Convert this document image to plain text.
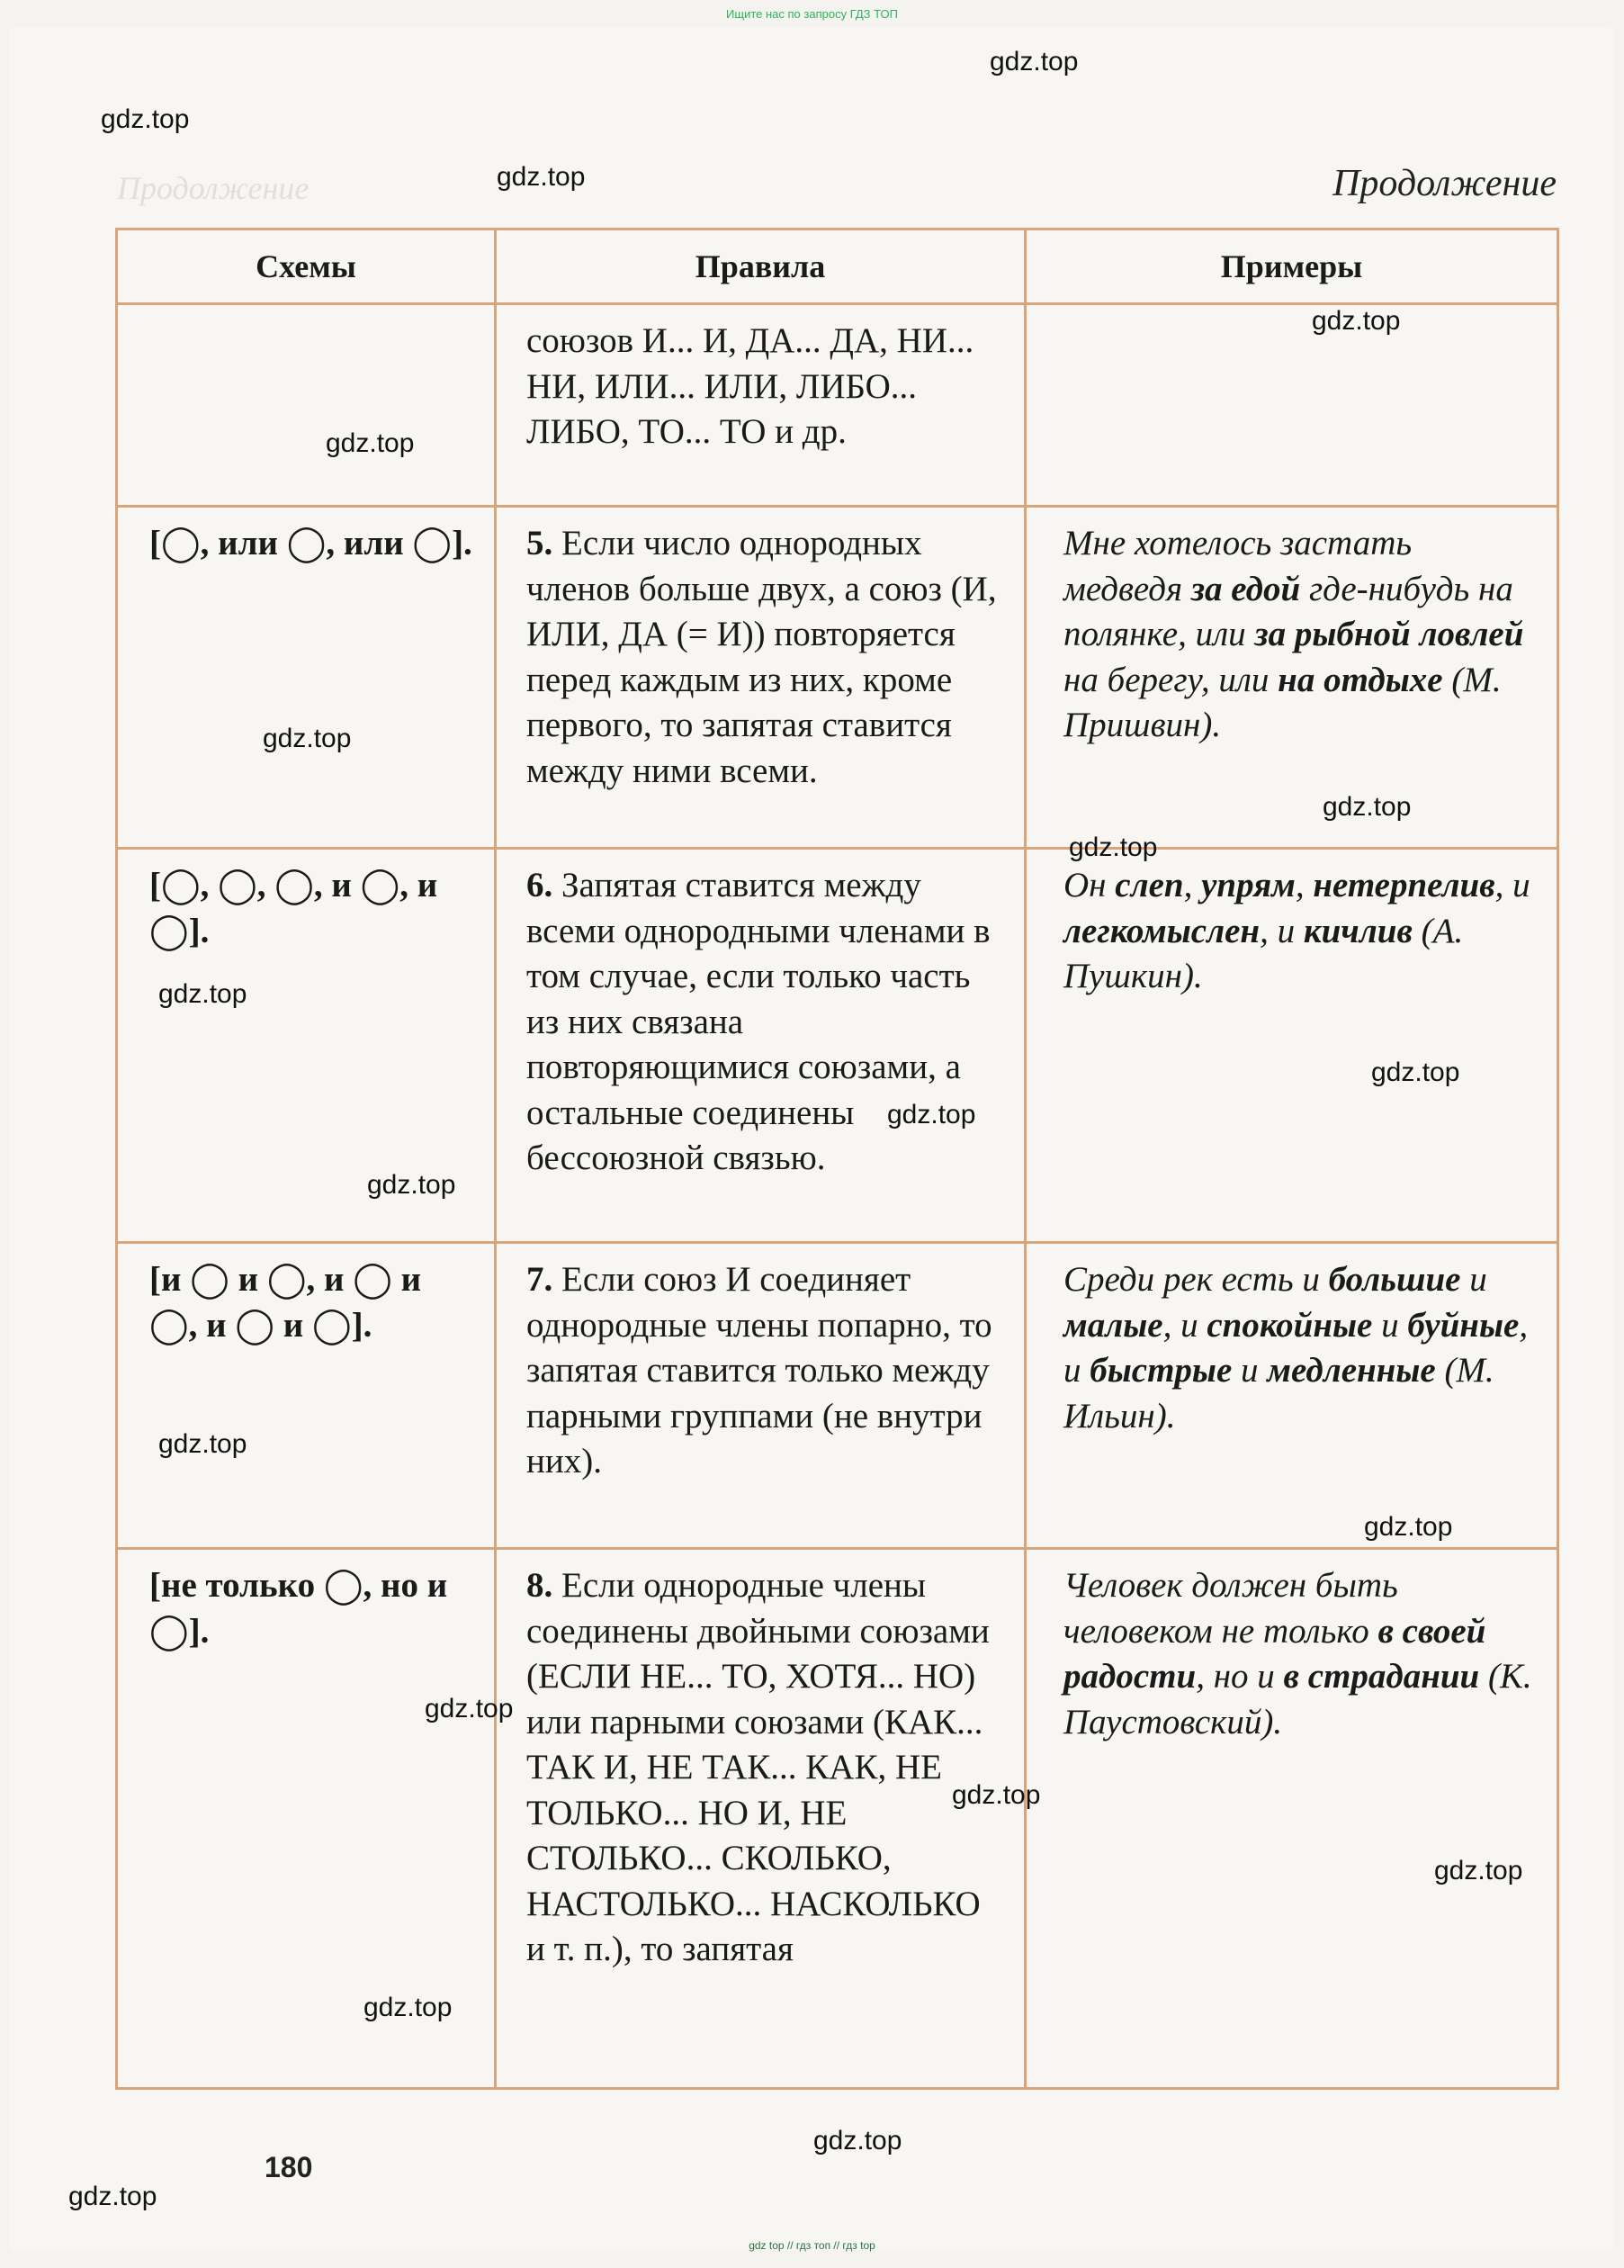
Ищите нас по запросу ГДЗ ТОП
Продолжение	Продолжение
Схемы	Правила	Примеры

	союзов И... И, ДА... ДА, НИ... НИ, ИЛИ... ИЛИ, ЛИБО... ЛИБО, ТО... ТО и др.	

[◯, или ◯, или ◯].	5. Если число однородных членов больше двух, а союз (И, ИЛИ, ДА (= И)) повторяется перед каждым из них, кроме первого, то запятая ставится между ними всеми.	Мне хотелось застать медведя за едой где-нибудь на полянке, или за рыбной ловлей на берегу, или на отдыхе (М. Пришвин).

[◯, ◯, ◯, и ◯, и ◯].	6. Запятая ставится между всеми однородными членами в том случае, если только часть из них связана повторяющимися союзами, а остальные соединены бессоюзной связью.	Он слеп, упрям, нетерпелив, и легкомыслен, и кичлив (А. Пушкин).

[и ◯ и ◯, и ◯ и ◯, и ◯ и ◯].	7. Если союз И соединяет однородные члены попарно, то запятая ставится только между парными группами (не внутри них).	Среди рек есть и большие и малые, и спокойные и буйные, и быстрые и медленные (М. Ильин).

[не только ◯, но и ◯].	8. Если однородные члены соединены двойными союзами (ЕСЛИ НЕ... ТО, ХОТЯ... НО) или парными союзами (КАК... ТАК И, НЕ ТАК... КАК, НЕ ТОЛЬКО... НО И, НЕ СТОЛЬКО... СКОЛЬКО, НАСТОЛЬКО... НАСКОЛЬКО и т. п.), то запятая	Человек должен быть человеком не только в своей радости, но и в страдании (К. Паустовский).
180
gdz.top
gdz.top
gdz.top
gdz.top
gdz.top
gdz.top
gdz.top
gdz.top
gdz.top
gdz.top
gdz.top
gdz.top
gdz.top
gdz.top
gdz.top
gdz.top
gdz.top
gdz.top
gdz.top
gdz.top
gdz top // гдз топ // гдз top
